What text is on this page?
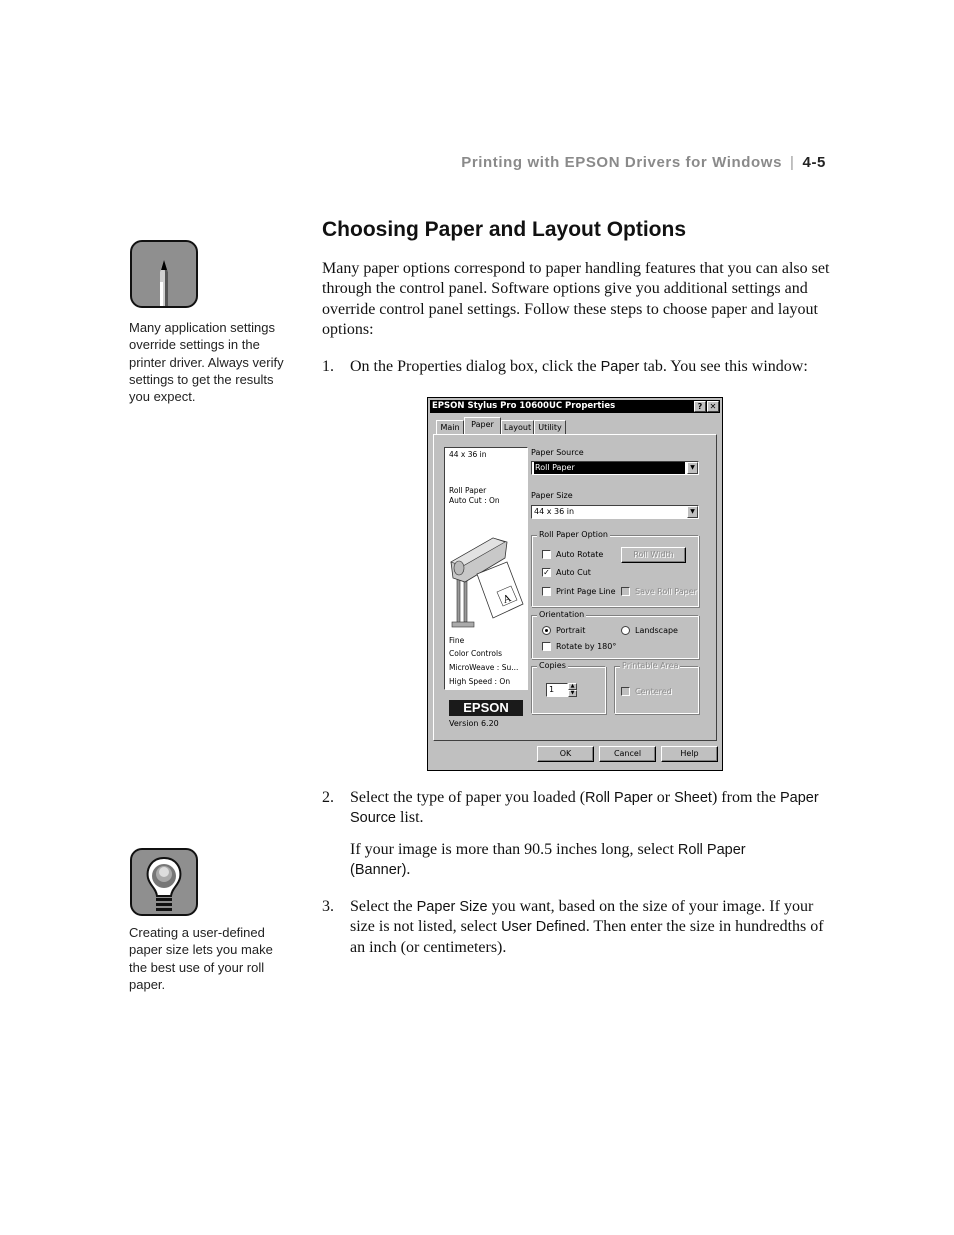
Printing with EPSON Drivers for Windows | 4-5
Many application settings override settings in the printer driver. Always verify settings to get the results you expect.
Creating a user-defined paper size lets you make the best use of your roll paper.
Choosing Paper and Layout Options
Many paper options correspond to paper handling features that you can also set through the control panel. Software options give you additional settings and override control panel settings. Follow these steps to choose paper and layout options:
1. On the Properties dialog box, click the Paper tab. You see this window:
EPSON Stylus Pro 10600UC Properties	? ✕
Main	Paper	Layout Utility
44 x 36 in
Roll Paper
Auto Cut : On
A
Fine
Color Controls
MicroWeave : Su...
High Speed : On
EPSON
Version 6.20
Paper Source
Roll Paper	▼
Paper Size
44 x 36 in	▼
Roll Paper Option
Auto Rotate	Roll Width
✓ Auto Cut
Print Page Line Save Roll Paper
Orientation
Portrait	Landscape
Rotate by 180°
Copies
1	▲
▼
Printable Area
Centered
OK	Cancel	Help
2. Select the type of paper you loaded (Roll Paper or Sheet) from the Paper Source list.
If your image is more than 90.5 inches long, select Roll Paper (Banner).
3. Select the Paper Size you want, based on the size of your image. If your size is not listed, select User Defined. Then enter the size in hundredths of an inch (or centimeters).
